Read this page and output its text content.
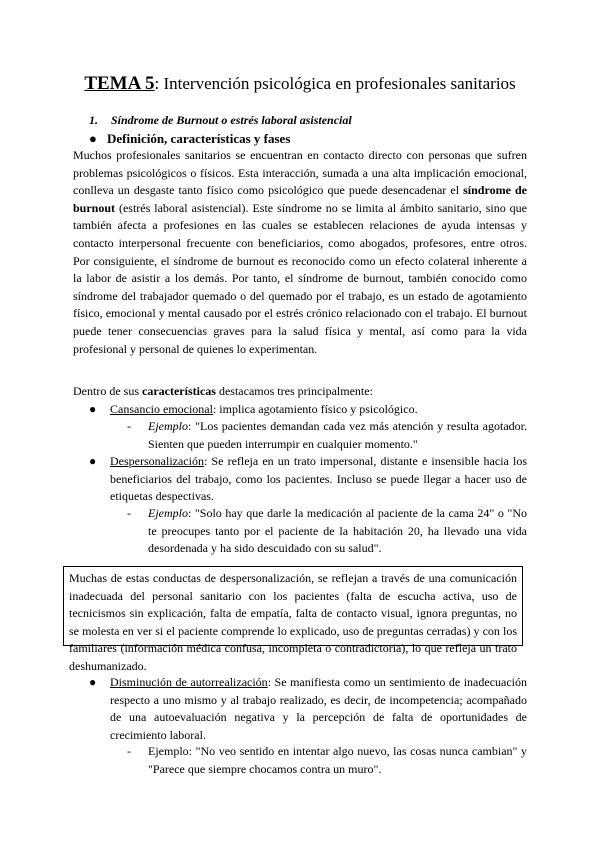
TEMA 5: Intervención psicológica en profesionales sanitarios
1. Síndrome de Burnout o estrés laboral asistencial
● Definición, características y fases
Muchos profesionales sanitarios se encuentran en contacto directo con personas que sufren problemas psicológicos o físicos. Esta interacción, sumada a una alta implicación emocional, conlleva un desgaste tanto físico como psicológico que puede desencadenar el síndrome de burnout (estrés laboral asistencial). Este síndrome no se limita al ámbito sanitario, sino que también afecta a profesiones en las cuales se establecen relaciones de ayuda intensas y contacto interpersonal frecuente con beneficiarios, como abogados, profesores, entre otros. Por consiguiente, el síndrome de burnout es reconocido como un efecto colateral inherente a la labor de asistir a los demás. Por tanto, el síndrome de burnout, también conocido como síndrome del trabajador quemado o del quemado por el trabajo, es un estado de agotamiento físico, emocional y mental causado por el estrés crónico relacionado con el trabajo. El burnout puede tener consecuencias graves para la salud física y mental, así como para la vida profesional y personal de quienes lo experimentan.
Dentro de sus características destacamos tres principalmente:
●	Cansancio emocional: implica agotamiento físico y psicológico.
- Ejemplo: "Los pacientes demandan cada vez más atención y resulta agotador. Sienten que pueden interrumpir en cualquier momento."
●	Despersonalización: Se refleja en un trato impersonal, distante e insensible hacia los beneficiarios del trabajo, como los pacientes. Incluso se puede llegar a hacer uso de etiquetas despectivas.
- Ejemplo: "Solo hay que darle la medicación al paciente de la cama 24" o "No te preocupes tanto por el paciente de la habitación 20, ha llevado una vida desordenada y ha sido descuidado con su salud".
Muchas de estas conductas de despersonalización, se reflejan a través de una comunicación inadecuada del personal sanitario con los pacientes (falta de escucha activa, uso de tecnicismos sin explicación, falta de empatía, falta de contacto visual, ignora preguntas, no se molesta en ver si el paciente comprende lo explicado, uso de preguntas cerradas) y con los familiares (información médica confusa, incompleta o contradictoria), lo que refleja un trato deshumanizado.
●	Disminución de autorrealización: Se manifiesta como un sentimiento de inadecuación respecto a uno mismo y al trabajo realizado, es decir, de incompetencia; acompañado de una autoevaluación negativa y la percepción de falta de oportunidades de crecimiento laboral.
- Ejemplo: "No veo sentido en intentar algo nuevo, las cosas nunca cambian" y "Parece que siempre chocamos contra un muro".
